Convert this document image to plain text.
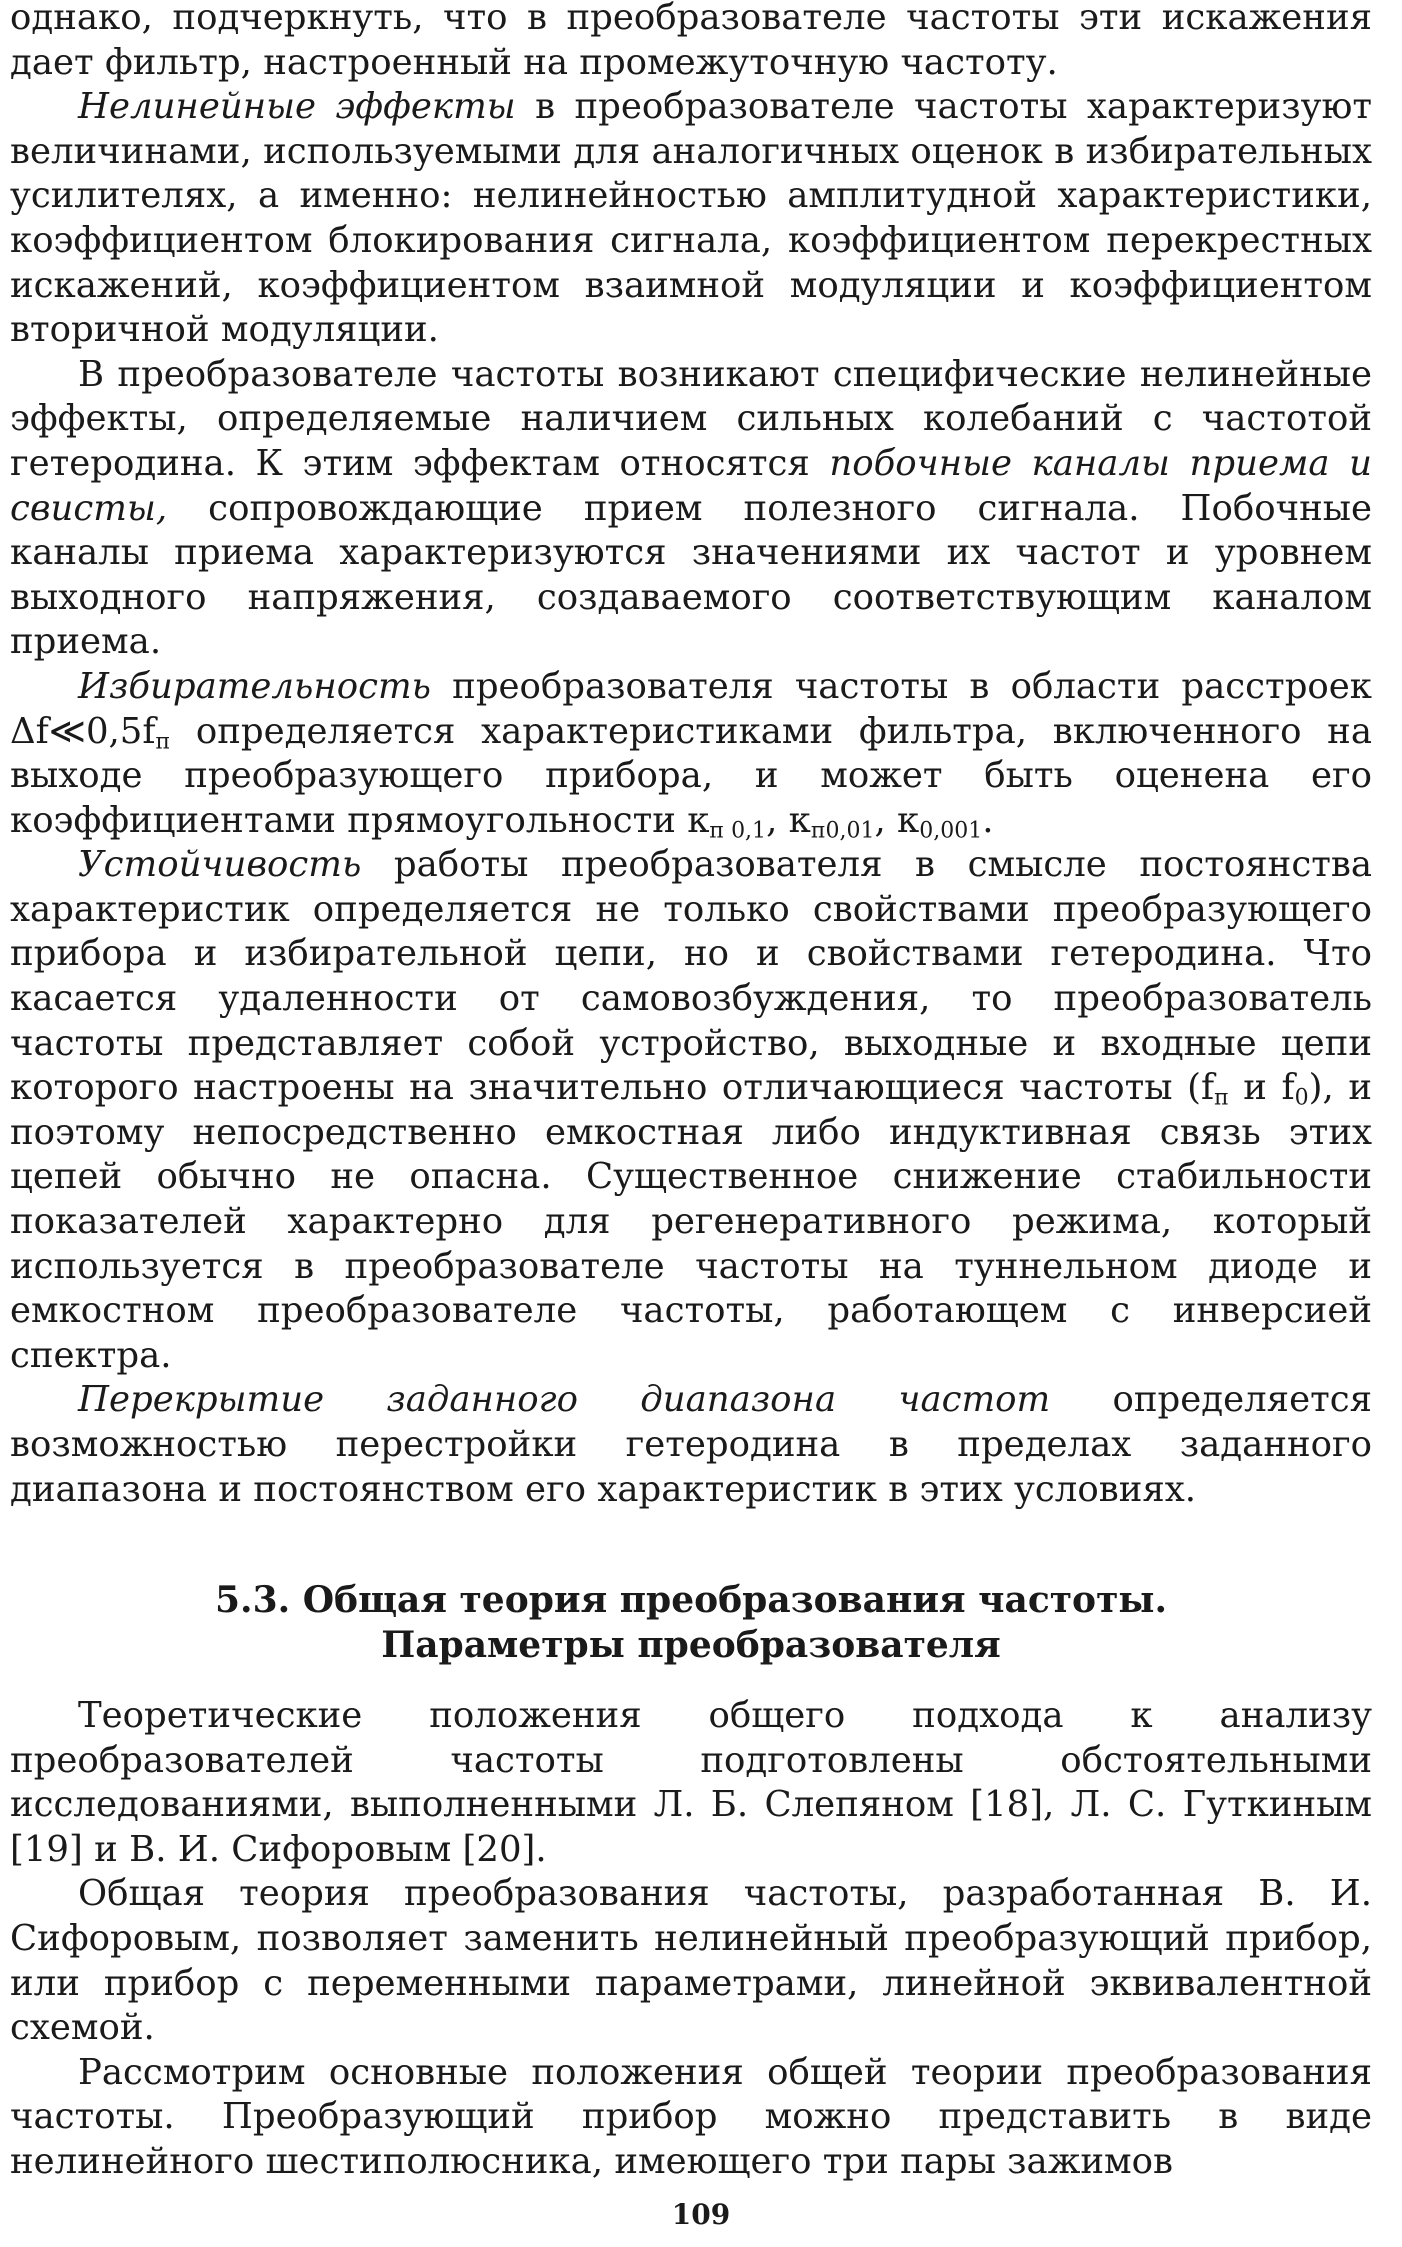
однако, подчеркнуть, что в преобразователе частоты эти искажения дает фильтр, настроенный на промежуточную частоту.

Нелинейные эффекты в преобразователе частоты характеризуют величинами, используемыми для аналогичных оценок в избирательных усилителях, а именно: нелинейностью амплитудной характеристики, коэффициентом блокирования сигнала, коэффициентом перекрестных искажений, коэффициентом взаимной модуляции и коэффициентом вторичной модуляции.

В преобразователе частоты возникают специфические нелинейные эффекты, определяемые наличием сильных колебаний с частотой гетеродина. К этим эффектам относятся побочные каналы приема и свисты, сопровождающие прием полезного сигнала. Побочные каналы приема характеризуются значениями их частот и уровнем выходного напряжения, создаваемого соответствующим каналом приема.

Избирательность преобразователя частоты в области расстроек $\Delta f≪0,5f_п$ определяется характеристиками фильтра, включенного на выходе преобразующего прибора, и может быть оценена его коэффициентами прямоугольности $к_{п 0,1}$, $к_{п0,01}$, $к_{0,001}$.

Устойчивость работы преобразователя в смысле постоянства характеристик определяется не только свойствами преобразующего прибора и избирательной цепи, но и свойствами гетеродина. Что касается удаленности от самовозбуждения, то преобразователь частоты представляет собой устройство, выходные и входные цепи которого настроены на значительно отличающиеся частоты ($f_п$ и $f_0$), и поэтому непосредственно емкостная либо индуктивная связь этих цепей обычно не опасна. Существенное снижение стабильности показателей характерно для регенеративного режима, который используется в преобразователе частоты на туннельном диоде и емкостном преобразователе частоты, работающем с инверсией спектра.

Перекрытие заданного диапазона частот определяется возможностью перестройки гетеродина в пределах заданного диапазона и постоянством его характеристик в этих условиях.

5.3. Общая теория преобразования частоты.
Параметры преобразователя

Теоретические положения общего подхода к анализу преобразователей частоты подготовлены обстоятельными исследованиями, выполненными Л. Б. Слепяном [18], Л. С. Гуткиным [19] и В. И. Сифоровым [20].

Общая теория преобразования частоты, разработанная В. И. Сифоровым, позволяет заменить нелинейный преобразующий прибор, или прибор с переменными параметрами, линейной эквивалентной схемой.

Рассмотрим основные положения общей теории преобразования частоты. Преобразующий прибор можно представить в виде нелинейного шестиполюсника, имеющего три пары зажимов

109
